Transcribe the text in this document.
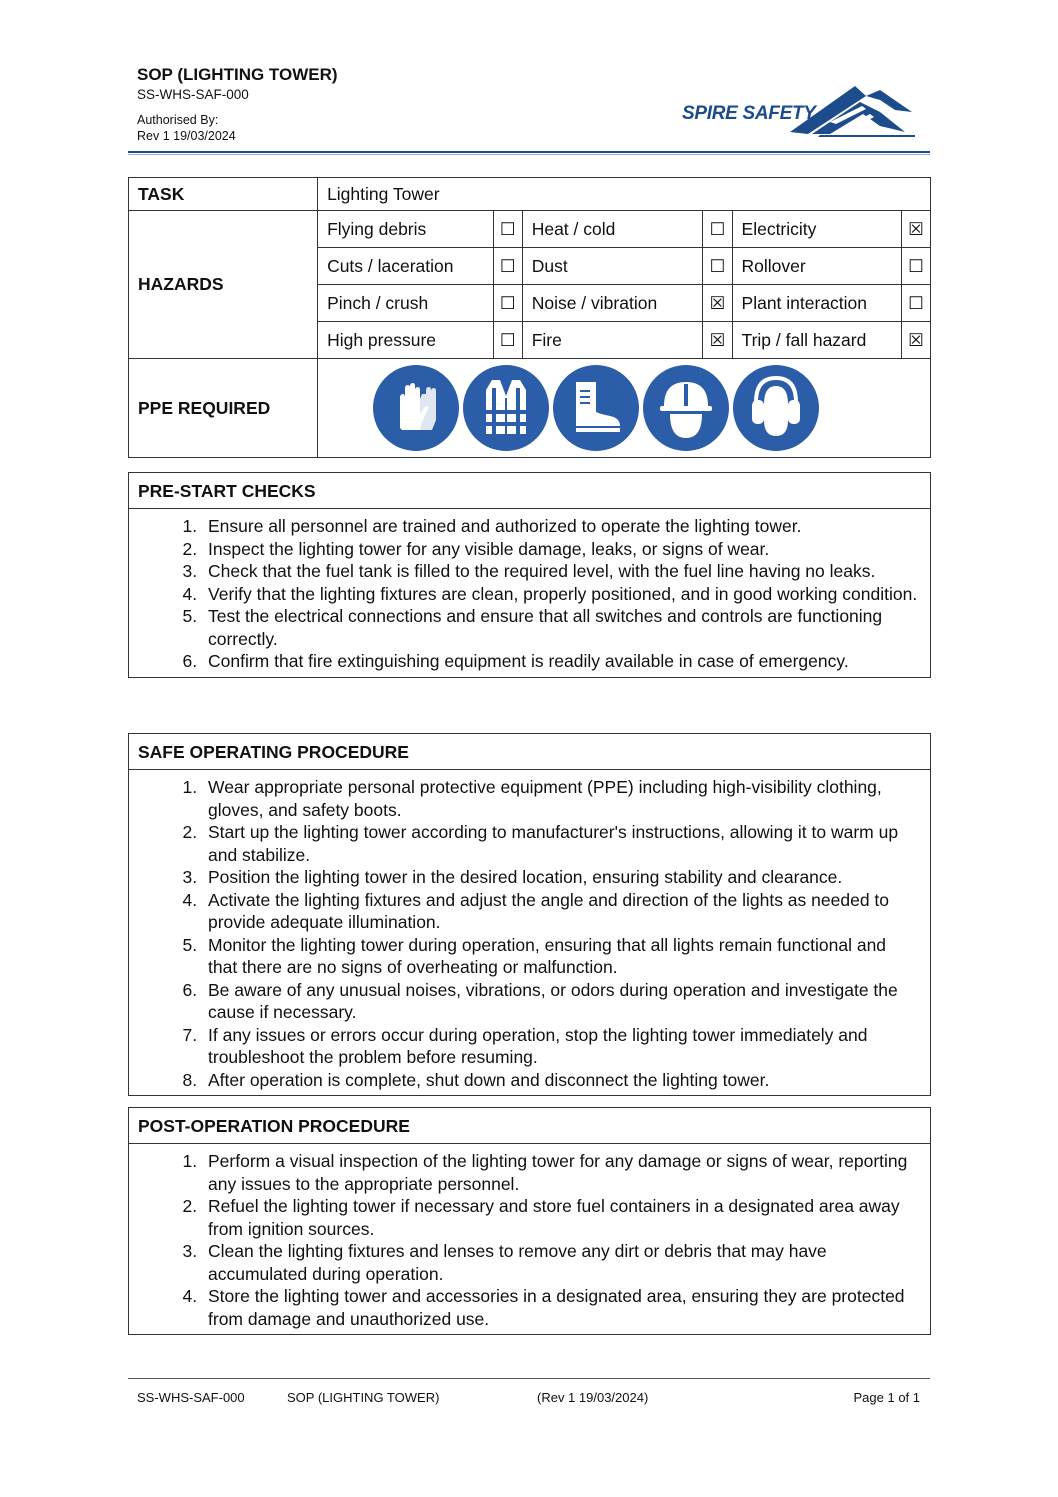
SOP (LIGHTING TOWER)
SS-WHS-SAF-000
Authorised By:
Rev 1 19/03/2024
SPIRE SAFETY
TASK	Lighting Tower					
HAZARDS	Flying debris	☐	Heat / cold	☐	Electricity	☒
	Cuts / laceration	☐	Dust	☐	Rollover	☐
	Pinch / crush	☐	Noise / vibration	☒	Plant interaction	☐
	High pressure	☐	Fire	☒	Trip / fall hazard	☒
PPE REQUIRED	
PRE-START CHECKS
1. Ensure all personnel are trained and authorized to operate the lighting tower.
2. Inspect the lighting tower for any visible damage, leaks, or signs of wear.
3. Check that the fuel tank is filled to the required level, with the fuel line having no leaks.
4. Verify that the lighting fixtures are clean, properly positioned, and in good working condition.
5. Test the electrical connections and ensure that all switches and controls are functioning correctly.
6. Confirm that fire extinguishing equipment is readily available in case of emergency.
SAFE OPERATING PROCEDURE
1. Wear appropriate personal protective equipment (PPE) including high-visibility clothing, gloves, and safety boots.
2. Start up the lighting tower according to manufacturer's instructions, allowing it to warm up and stabilize.
3. Position the lighting tower in the desired location, ensuring stability and clearance.
4. Activate the lighting fixtures and adjust the angle and direction of the lights as needed to provide adequate illumination.
5. Monitor the lighting tower during operation, ensuring that all lights remain functional and that there are no signs of overheating or malfunction.
6. Be aware of any unusual noises, vibrations, or odors during operation and investigate the cause if necessary.
7. If any issues or errors occur during operation, stop the lighting tower immediately and troubleshoot the problem before resuming.
8. After operation is complete, shut down and disconnect the lighting tower.
POST-OPERATION PROCEDURE
1. Perform a visual inspection of the lighting tower for any damage or signs of wear, reporting any issues to the appropriate personnel.
2. Refuel the lighting tower if necessary and store fuel containers in a designated area away from ignition sources.
3. Clean the lighting fixtures and lenses to remove any dirt or debris that may have accumulated during operation.
4. Store the lighting tower and accessories in a designated area, ensuring they are protected from damage and unauthorized use.
SS-WHS-SAF-000	SOP (LIGHTING TOWER)	(Rev 1 19/03/2024)	Page 1 of 1
